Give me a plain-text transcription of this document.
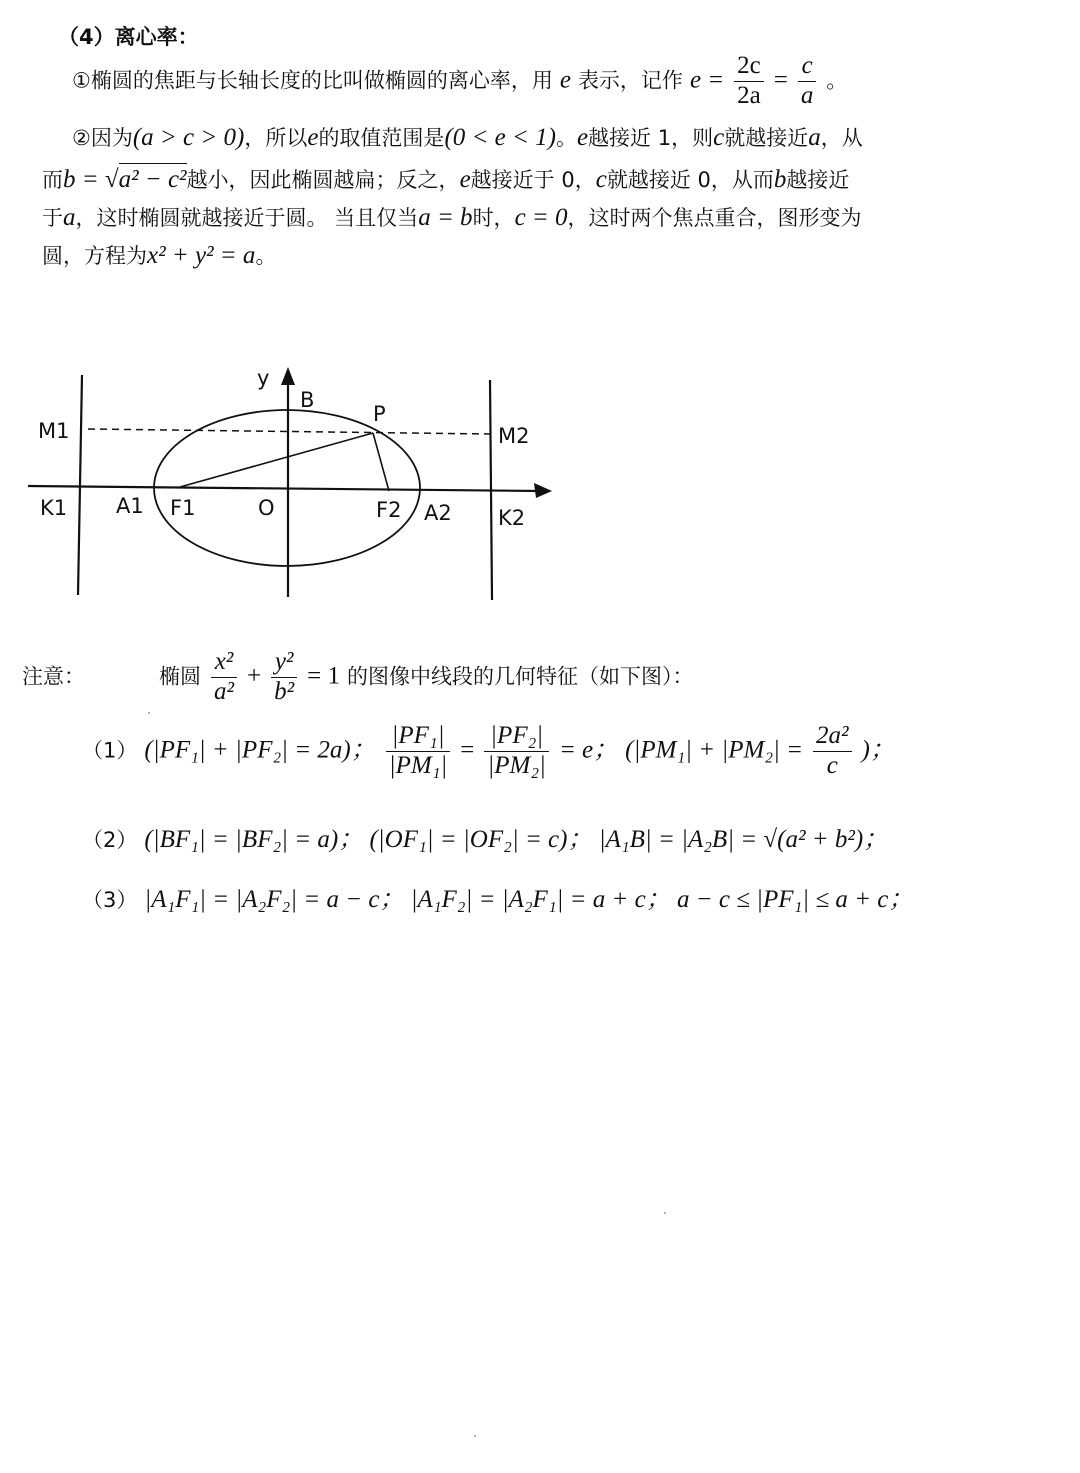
（4）离心率：
①椭圆的焦距与长轴长度的比叫做椭圆的离心率，用 e 表示，记作 $e = \frac{2c}{2a} = \frac{c}{a}$ 。
②因为(a > c > 0)，所以e的取值范围是(0 < e < 1)。e越接近 1，则c就越接近a，从
而b = √a² − c²越小，因此椭圆越扁；反之，e越接近于 0，c就越接近 0，从而b越接近
于a，这时椭圆就越接近于圆。 当且仅当a = b时，c = 0，这时两个焦点重合，图形变为
圆，方程为x² + y² = a。
y
B
P
M1	M2
K1 A1 F1	O	F2 A2 K2
注意：	椭圆 $\frac{\text{x²}}{\text{a²}} + \frac{\text{y²}}{\text{b²}} = 1$ 的图像中线段的几何特征（如下图）：
（1） (|PF₁| + |PF₂| = 2a)； $\frac{\text{|PF₁|}}{\text{|PM₁|}} = \frac{\text{|PF₂|}}{\text{|PM₂|}} = e$； ($|PM_1| + |PM_2| = \frac{\text{2a²}}{c}$ )；
（2） (|BF₁| = |BF₂| = a)； (|OF₁| = |OF₂| = c)； |A₁B| = |A₂B| = √(a² + b²)；
（3） |A₁F₁| = |A₂F₂| = a − c； |A₁F₂| = |A₂F₁| = a + c； a − c ≤ |PF₁| ≤ a + c；
